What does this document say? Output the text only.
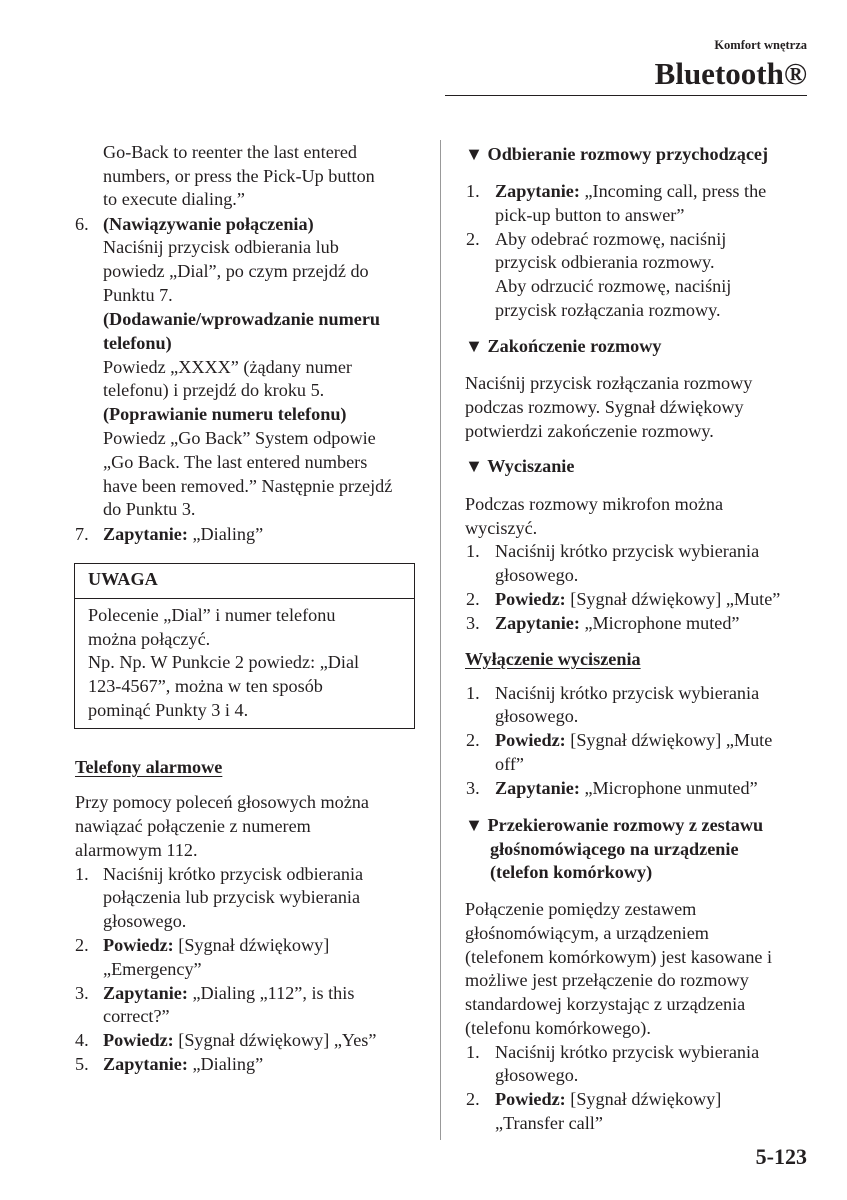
Komfort wnętrza
Bluetooth®
Go-Back to reenter the last entered
numbers, or press the Pick-Up button
to execute dialing.”
6. (Nawiązywanie połączenia)
Naciśnij przycisk odbierania lub
powiedz „Dial”, po czym przejdź do
Punktu 7.
(Dodawanie/wprowadzanie numeru
telefonu)
Powiedz „XXXX” (żądany numer
telefonu) i przejdź do kroku 5.
(Poprawianie numeru telefonu)
Powiedz „Go Back” System odpowie
„Go Back. The last entered numbers
have been removed.” Następnie przejdź
do Punktu 3.
7. Zapytanie: „Dialing”
UWAGA
Polecenie „Dial” i numer telefonu
można połączyć.
Np. Np. W Punkcie 2 powiedz: „Dial
123-4567”, można w ten sposób
pominąć Punkty 3 i 4.
Telefony alarmowe
Przy pomocy poleceń głosowych można
nawiązać połączenie z numerem
alarmowym 112.
1. Naciśnij krótko przycisk odbierania
połączenia lub przycisk wybierania
głosowego.
2. Powiedz: [Sygnał dźwiękowy]
„Emergency”
3. Zapytanie: „Dialing „112”, is this
correct?”
4. Powiedz: [Sygnał dźwiękowy] „Yes”
5. Zapytanie: „Dialing”
▼ Odbieranie rozmowy przychodzącej
1. Zapytanie: „Incoming call, press the
pick-up button to answer”
2. Aby odebrać rozmowę, naciśnij
przycisk odbierania rozmowy.
Aby odrzucić rozmowę, naciśnij
przycisk rozłączania rozmowy.
▼ Zakończenie rozmowy
Naciśnij przycisk rozłączania rozmowy
podczas rozmowy. Sygnał dźwiękowy
potwierdzi zakończenie rozmowy.
▼ Wyciszanie
Podczas rozmowy mikrofon można
wyciszyć.
1. Naciśnij krótko przycisk wybierania
głosowego.
2. Powiedz: [Sygnał dźwiękowy] „Mute”
3. Zapytanie: „Microphone muted”
Wyłączenie wyciszenia
1. Naciśnij krótko przycisk wybierania
głosowego.
2. Powiedz: [Sygnał dźwiękowy] „Mute
off”
3. Zapytanie: „Microphone unmuted”
▼ Przekierowanie rozmowy z zestawu
głośnomówiącego na urządzenie
(telefon komórkowy)
Połączenie pomiędzy zestawem
głośnomówiącym, a urządzeniem
(telefonem komórkowym) jest kasowane i
możliwe jest przełączenie do rozmowy
standardowej korzystając z urządzenia
(telefonu komórkowego).
1. Naciśnij krótko przycisk wybierania
głosowego.
2. Powiedz: [Sygnał dźwiękowy]
„Transfer call”
5-123
